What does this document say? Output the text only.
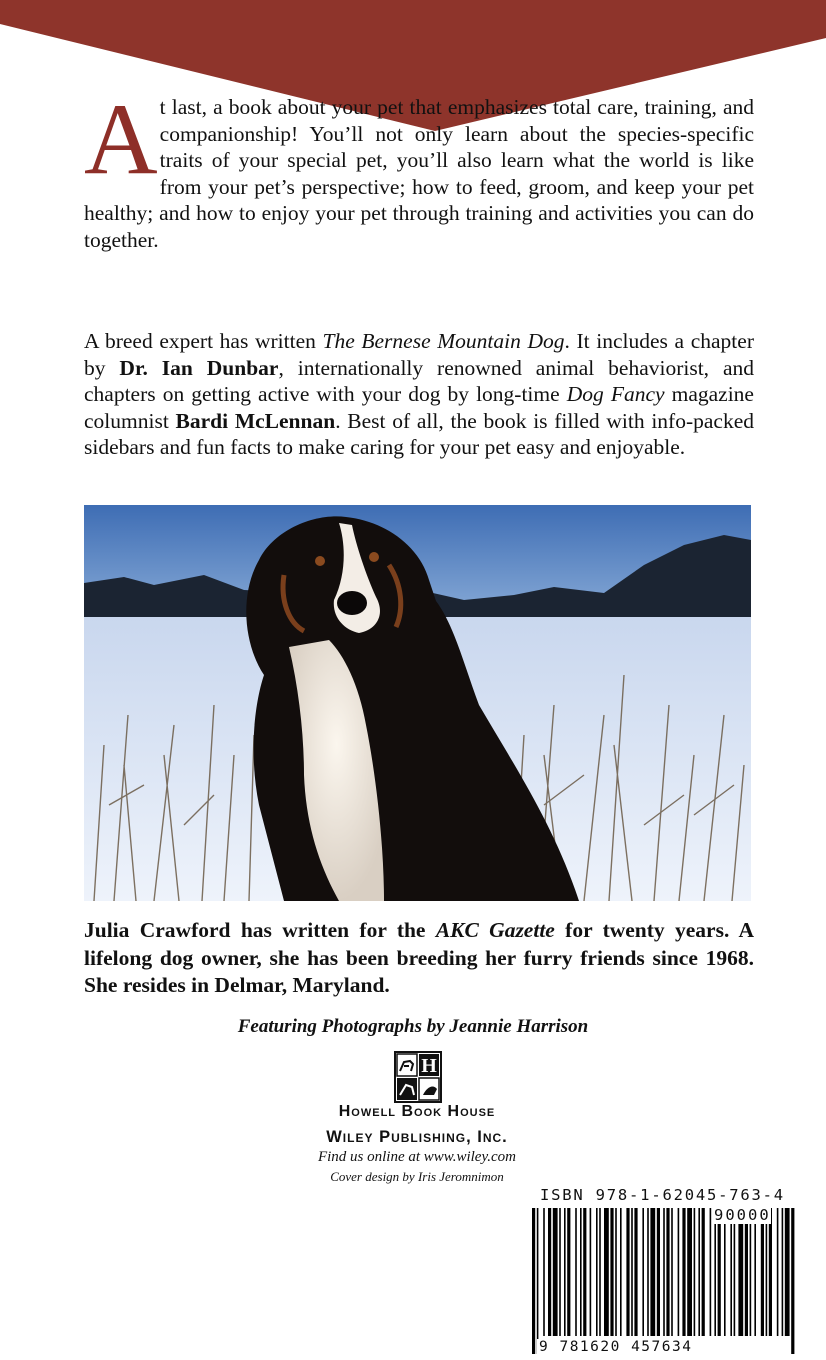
A t last, a book about your pet that emphasizes total care, training, and companionship! You’ll not only learn about the species-specific traits of your special pet, you’ll also learn what the world is like from your pet’s perspective; how to feed, groom, and keep your pet healthy; and how to enjoy your pet through training and activities you can do together.
A breed expert has written The Bernese Mountain Dog. It includes a chapter by Dr. Ian Dunbar, internationally renowned animal behaviorist, and chapters on getting active with your dog by long-time Dog Fancy magazine columnist Bardi McLennan. Best of all, the book is filled with info-packed sidebars and fun facts to make caring for your pet easy and enjoyable.
Julia Crawford has written for the AKC Gazette for twenty years. A lifelong dog owner, she has been breeding her furry friends since 1968. She resides in Delmar, Maryland.
Featuring Photographs by Jeannie Harrison
H
Howell Book House
Wiley Publishing, Inc.
Find us online at www.wiley.com
Cover design by Iris Jeromnimon
ISBN 978-1-62045-763-4
90000
9 781620 457634
